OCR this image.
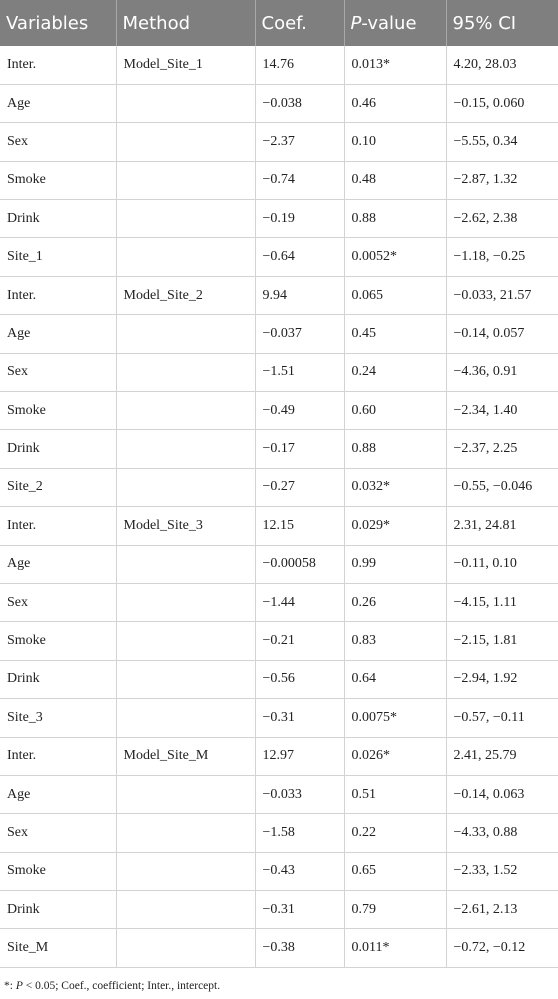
Variables	Method	Coef.	P-value	95% CI
Inter.	Model_Site_1	14.76	0.013*	4.20, 28.03
Age		−0.038	0.46	−0.15, 0.060
Sex		−2.37	0.10	−5.55, 0.34
Smoke		−0.74	0.48	−2.87, 1.32
Drink		−0.19	0.88	−2.62, 2.38
Site_1		−0.64	0.0052*	−1.18, −0.25
Inter.	Model_Site_2	9.94	0.065	−0.033, 21.57
Age		−0.037	0.45	−0.14, 0.057
Sex		−1.51	0.24	−4.36, 0.91
Smoke		−0.49	0.60	−2.34, 1.40
Drink		−0.17	0.88	−2.37, 2.25
Site_2		−0.27	0.032*	−0.55, −0.046
Inter.	Model_Site_3	12.15	0.029*	2.31, 24.81
Age		−0.00058	0.99	−0.11, 0.10
Sex		−1.44	0.26	−4.15, 1.11
Smoke		−0.21	0.83	−2.15, 1.81
Drink		−0.56	0.64	−2.94, 1.92
Site_3		−0.31	0.0075*	−0.57, −0.11
Inter.	Model_Site_M	12.97	0.026*	2.41, 25.79
Age		−0.033	0.51	−0.14, 0.063
Sex		−1.58	0.22	−4.33, 0.88
Smoke		−0.43	0.65	−2.33, 1.52
Drink		−0.31	0.79	−2.61, 2.13
Site_M		−0.38	0.011*	−0.72, −0.12
*: P < 0.05; Coef., coefficient; Inter., intercept.
